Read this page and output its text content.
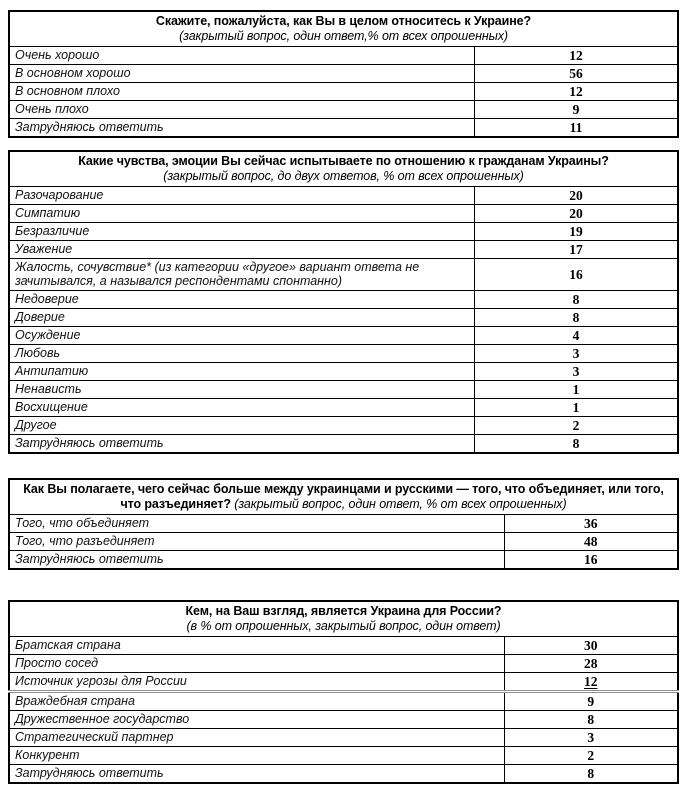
Скажите, пожалуйста, как Вы в целом относитесь к Украине?
(закрытый вопрос, один ответ,% от всех опрошенных)	

Очень хорошо	12
В основном хорошо	56
В основном плохо	12
Очень плохо	9
Затрудняюсь ответить	11
Какие чувства, эмоции Вы сейчас испытываете по отношению к гражданам Украины?
(закрытый вопрос, до двух ответов, % от всех опрошенных)	

Разочарование	20
Симпатию	20
Безразличие	19
Уважение	17
Жалость, сочувствие* (из категории «другое» вариант ответа не зачитывался, а назывался респондентами спонтанно)	16
Недоверие	8
Доверие	8
Осуждение	4
Любовь	3
Антипатию	3
Ненависть	1
Восхищение	1
Другое	2
Затрудняюсь ответить	8
Как Вы полагаете, чего сейчас больше между украинцами и русскими — того, что объединяет, или того, что разъединяет? (закрытый вопрос, один ответ, % от всех опрошенных)	
Того, что объединяет	36
Того, что разъединяет	48
Затрудняюсь ответить	16
Кем, на Ваш взгляд, является Украина для России?
(в % от опрошенных, закрытый вопрос, один ответ)	

Братская страна	30
Просто сосед	28
Источник угрозы для России	12
Враждебная страна	9
Дружественное государство	8
Стратегический партнер	3
Конкурент	2
Затрудняюсь ответить	8
